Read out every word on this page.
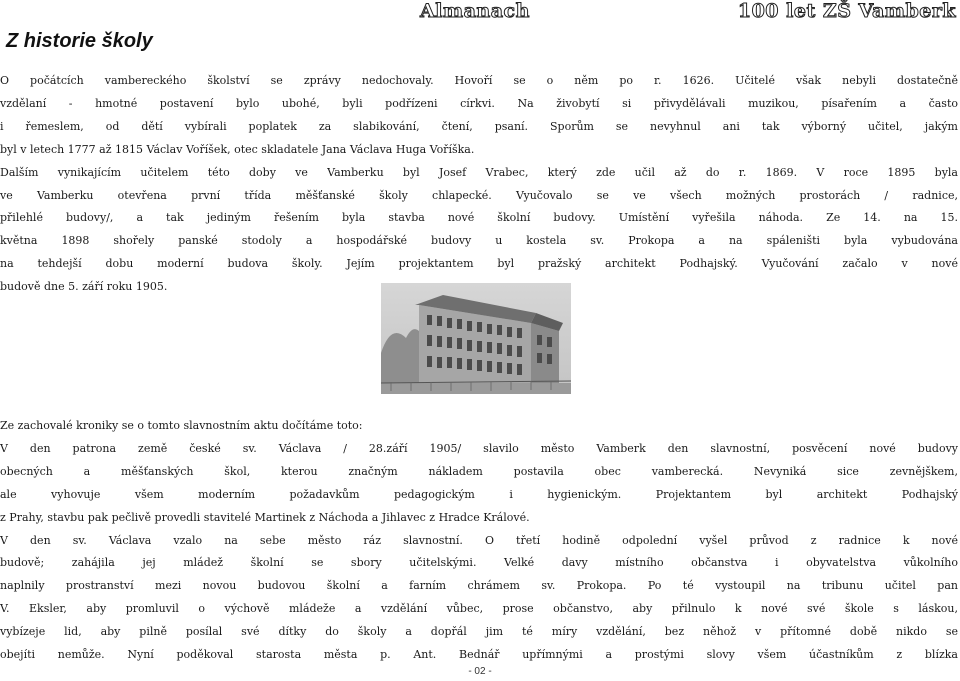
Z historie školy
Almanach	100 let ZŠ Vamberk
O počátcích vambereckého školství se zprávy nedochovaly. Hovoří se o něm po r. 1626. Učitelé však nebyli dostatečně
vzdělaní - hmotné postavení bylo ubohé, byli podřízeni církvi. Na živobytí si přivydělávali muzikou, písařením a často
i řemeslem, od dětí vybírali poplatek za slabikování, čtení, psaní. Sporům se nevyhnul ani tak výborný učitel, jakým
byl v letech 1777 až 1815 Václav Voříšek, otec skladatele Jana Václava Huga Voříška.
Dalším vynikajícím učitelem této doby ve Vamberku byl Josef Vrabec, který zde učil až do r. 1869. V roce 1895 byla
ve Vamberku otevřena první třída měšťanské školy chlapecké. Vyučovalo se ve všech možných prostorách / radnice,
přilehlé budovy/, a tak jediným řešením byla stavba nové školní budovy. Umístění vyřešila náhoda. Ze 14. na 15.
května 1898 shořely panské stodoly a hospodářské budovy u kostela sv. Prokopa a na spáleništi byla vybudována
na tehdejší dobu moderní budova školy. Jejím projektantem byl pražský architekt Podhajský. Vyučování začalo v nové
budově dne 5. září roku 1905.
Ze zachovalé kroniky se o tomto slavnostním aktu dočítáme toto:
V den patrona země české sv. Václava / 28.září 1905/ slavilo město Vamberk den slavnostní, posvěcení nové budovy
obecných a měšťanských škol, kterou značným nákladem postavila obec vamberecká. Nevyniká sice zevnějškem,
ale vyhovuje všem moderním požadavkům pedagogickým i hygienickým. Projektantem byl architekt Podhajský
z Prahy, stavbu pak pečlivě provedli stavitelé Martinek z Náchoda a Jihlavec z Hradce Králové.
V den sv. Václava vzalo na sebe město ráz slavnostní. O třetí hodině odpolední vyšel průvod z radnice k nové
budově; zahájila jej mládež školní se sbory učitelskými. Velké davy místního občanstva i obyvatelstva vůkolního
naplnily prostranství mezi novou budovou školní a farním chrámem sv. Prokopa. Po té vystoupil na tribunu učitel pan
V. Eksler, aby promluvil o výchově mládeže a vzdělání vůbec, prose občanstvo, aby přilnulo k nové své škole s láskou,
vybízeje lid, aby pilně posílal své dítky do školy a dopřál jim té míry vzdělání, bez něhož v přítomné době nikdo se
obejíti nemůže. Nyní poděkoval starosta města p. Ant. Bednář upřímnými a prostými slovy všem účastníkům z blízka
- 02 -
